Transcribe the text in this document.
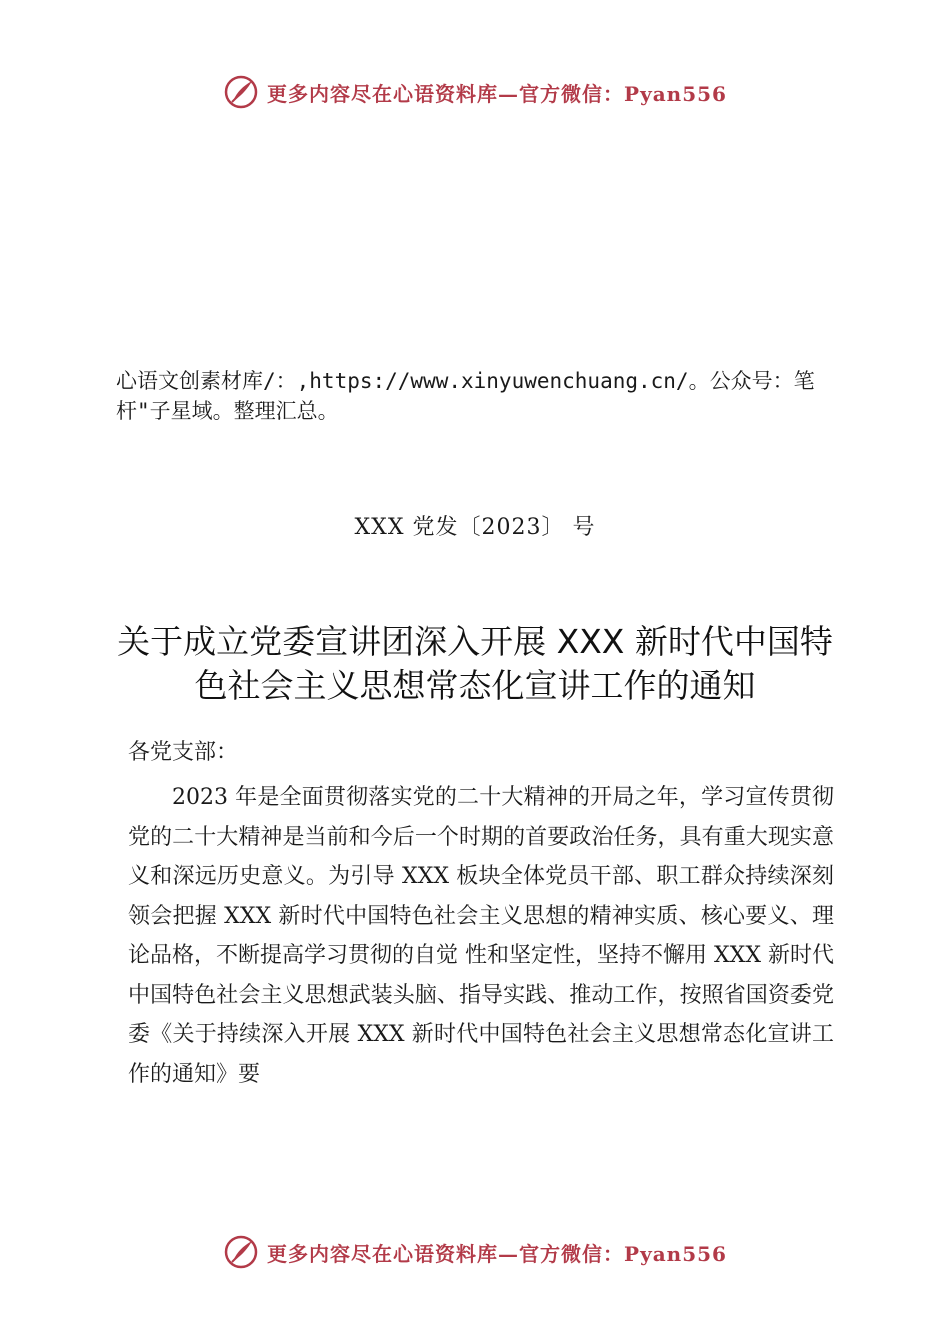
更多内容尽在心语资料库—官方微信：Pyan556
心语文创素材库/：,https://www.xinyuwenchuang.cn/。公众号：笔杆"子星域。整理汇总。
XXX 党发〔2023〕 号
关于成立党委宣讲团深入开展 XXX 新时代中国特色社会主义思想常态化宣讲工作的通知
各党支部：

2023 年是全面贯彻落实党的二十大精神的开局之年，学习宣传贯彻党的二十大精神是当前和今后一个时期的首要政治任务，具有重大现实意义和深远历史意义。为引导 XXX 板块全体党员干部、职工群众持续深刻领会把握 XXX 新时代中国特色社会主义思想的精神实质、核心要义、理论品格，不断提高学习贯彻的自觉 性和坚定性，坚持不懈用 XXX 新时代中国特色社会主义思想武装头脑、指导实践、推动工作，按照省国资委党委《关于持续深入开展 XXX 新时代中国特色社会主义思想常态化宣讲工作的通知》要

更多内容尽在心语资料库—官方微信：Pyan556
